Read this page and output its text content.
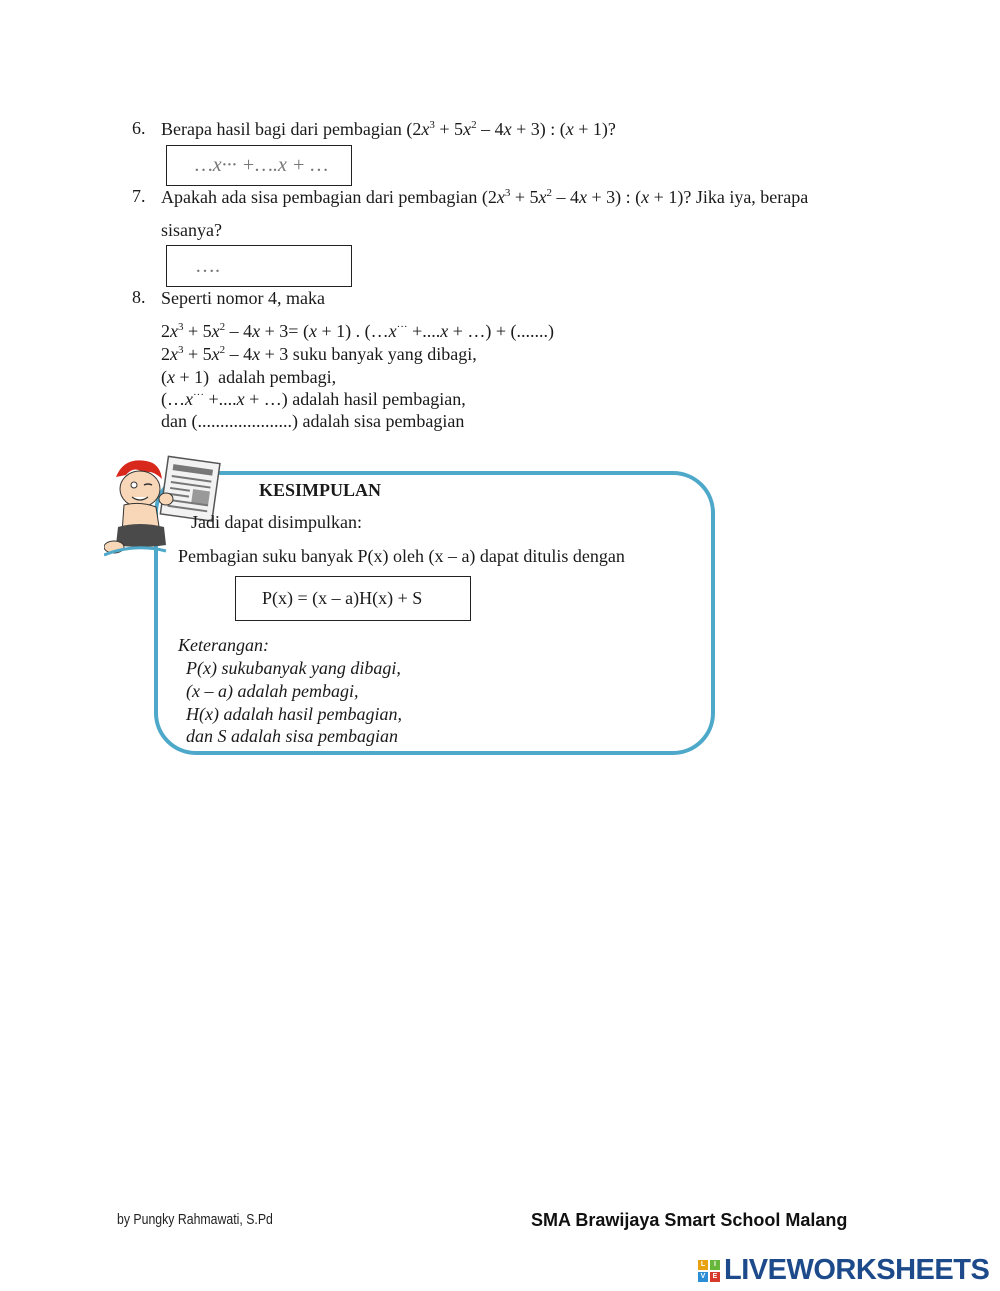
6. Berapa hasil bagi dari pembagian $(2x^3 + 5x^2 - 4x + 3)$ : (x + 1)?
…x··· +….x + …
7. Apakah ada sisa pembagian dari pembagian $(2x^3 + 5x^2 - 4x + 3)$ : (x + 1)? Jika iya, berapa
sisanya?
….
8. Seperti nomor 4, maka
$2x^3 + 5x^2 - 4x + 3= (x + 1)$ . (…x··· +....x + …) + (.......)
$2x^3 + 5x^2 - 4x + 3$ suku banyak yang dibagi,
(x + 1)  adalah pembagi,
(…x··· +....x + …) adalah hasil pembagian,
dan (.....................) adalah sisa pembagian
KESIMPULAN
Jadi dapat disimpulkan:
Pembagian suku banyak P(x) oleh (x – a) dapat ditulis dengan
P(x) = (x – a)H(x) + S
Keterangan:
P(x) sukubanyak yang dibagi,
(x – a) adalah pembagi,
H(x) adalah hasil pembagian,
dan S adalah sisa pembagian
by Pungky Rahmawati, S.Pd	SMA Brawijaya Smart School Malang
L	I
V	E LIVEWORKSHEETS
